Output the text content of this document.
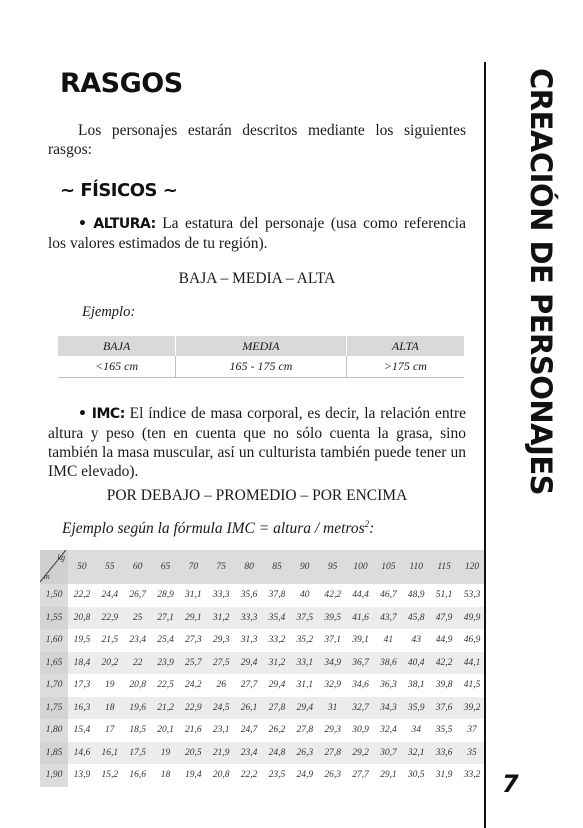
RASGOS

Los personajes estarán descritos mediante los siguientes rasgos:

~ FÍSICOS ~

• ALTURA: La estatura del personaje (usa como referencia los valores estimados de tu región).

BAJA – MEDIA – ALTA
Ejemplo:
BAJA	MEDIA	ALTA
<165 cm	165 - 175 cm	>175 cm

• IMC: El índice de masa corporal, es decir, la relación entre altura y peso (ten en cuenta que no sólo cuenta la grasa, sino también la masa muscular, así un culturista también puede tener un IMC elevado).

POR DEBAJO – PROMEDIO – POR ENCIMA
Ejemplo según la fórmula IMC = altura / metros$^2$:
kg
m	50	55	60	65	70	75	80	85	90	95	100	105	110	115	120
1,50	22,2	24,4	26,7	28,9	31,1	33,3	35,6	37,8	40	42,2	44,4	46,7	48,9	51,1	53,3
1,55	20,8	22,9	25	27,1	29,1	31,2	33,3	35,4	37,5	39,5	41,6	43,7	45,8	47,9	49,9
1,60	19,5	21,5	23,4	25,4	27,3	29,3	31,3	33,2	35,2	37,1	39,1	41	43	44,9	46,9
1,65	18,4	20,2	22	23,9	25,7	27,5	29,4	31,2	33,1	34,9	36,7	38,6	40,4	42,2	44,1
1,70	17,3	19	20,8	22,5	24,2	26	27,7	29,4	31,1	32,9	34,6	36,3	38,1	39,8	41,5
1,75	16,3	18	19,6	21,2	22,9	24,5	26,1	27,8	29,4	31	32,7	34,3	35,9	37,6	39,2
1,80	15,4	17	18,5	20,1	21,6	23,1	24,7	26,2	27,8	29,3	30,9	32,4	34	35,5	37
1,85	14,6	16,1	17,5	19	20,5	21,9	23,4	24,8	26,3	27,8	29,2	30,7	32,1	33,6	35
1,90	13,9	15,2	16,6	18	19,4	20,8	22,2	23,5	24,9	26,3	27,7	29,1	30,5	31,9	33,2
CREACIÓN DE PERSONAJES
7
